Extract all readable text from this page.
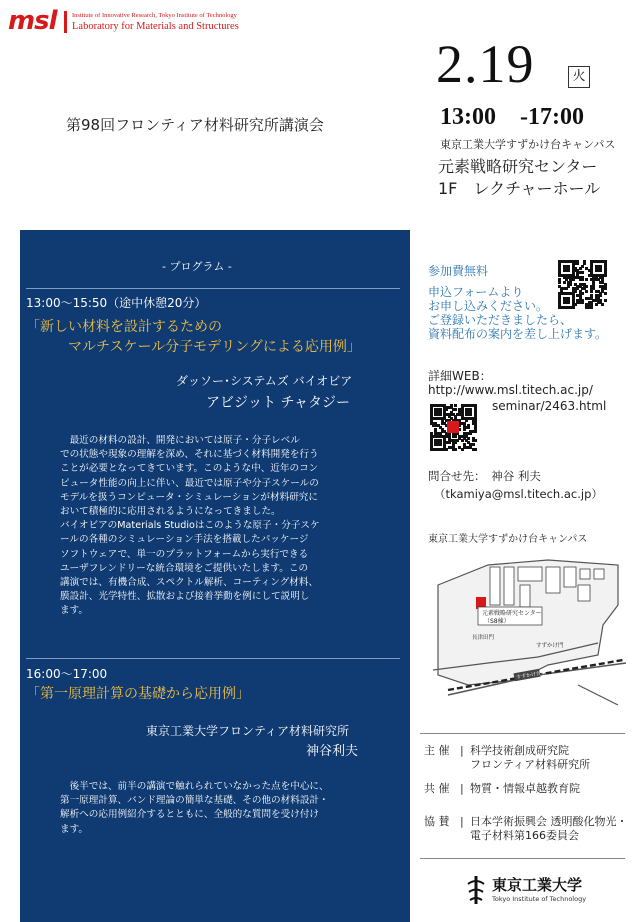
msl Institute of Innovative Research, Tokyo Institute of Technology
Laboratory for Materials and Structures
第98回フロンティア材料研究所講演会
2.19	火
13:00　-17:00
東京工業大学すずかけ台キャンパス
元素戦略研究センター
1F　レクチャーホール
- プログラム -
13:00～15:50（途中休憩20分）
「新しい材料を設計するための
マルチスケール分子モデリングによる応用例」
ダッソー･システムズ バイオビア
アビジット チャタジー

　最近の材料の設計、開発においては原子・分子レベル

での状態や現象の理解を深め、それに基づく材料開発を行う

ことが必要となってきています。このような中、近年のコン

ピュータ性能の向上に伴い、最近では原子や分子スケールの

モデルを扱うコンピュータ・シミュレーションが材料研究に

おいて積極的に応用されるようになってきました。

バイオビアのMaterials Studioはこのような原子・分子スケ

ールの各種のシミュレーション手法を搭載したパッケージ

ソフトウェアで、単一のプラットフォームから実行できる

ユーザフレンドリーな統合環境をご提供いたします。この

講演では、有機合成、スペクトル解析、コーティング材料、

膜設計、光学特性、拡散および接着挙動を例にして説明し

ます。

16:00～17:00
「第一原理計算の基礎から応用例」
東京工業大学フロンティア材料研究所
神谷利夫

　後半では、前半の講演で触れられていなかった点を中心に、

第一原理計算、バンド理論の簡単な基礎、その他の材料設計・

解析への応用例紹介するとともに、全般的な質問を受け付け

ます。

参加費無料
申込フォームより
お申し込みください。
ご登録いただきましたら、
資料配布の案内を差し上げます。
詳細WEB：
http://www.msl.titech.ac.jp/
seminar/2463.html
問合せ先：　神谷 利夫
（tkamiya@msl.titech.ac.jp）
東京工業大学すずかけ台キャンパス
元素戦略研究センター
（S8棟）
すずかけ台駅
長津田門
すずかけ門
主 催 | 科学技術創成研究院
フロンティア材料研究所
共 催 | 物質・情報卓越教育院
協 賛 | 日本学術振興会 透明酸化物光・
電子材料第166委員会
東京工業大学
Tokyo Institute of Technology
